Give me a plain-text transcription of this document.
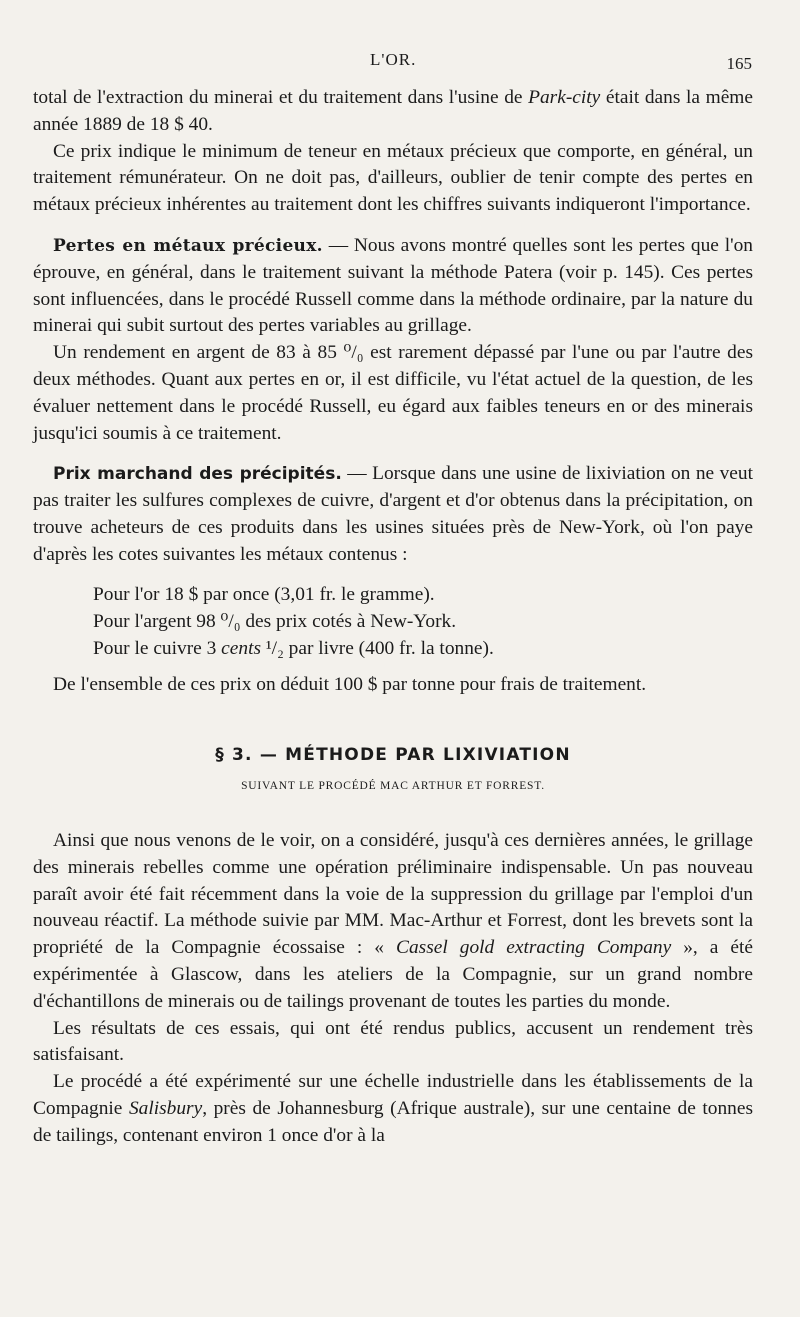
L'OR.	165

total de l'extraction du minerai et du traitement dans l'usine de Park-city était dans la même année 1889 de 18 $ 40.

Ce prix indique le minimum de teneur en métaux précieux que comporte, en général, un traitement rémunérateur. On ne doit pas, d'ailleurs, oublier de tenir compte des pertes en métaux précieux inhérentes au traitement dont les chiffres suivants indiqueront l'importance.

Pertes en métaux précieux. — Nous avons montré quelles sont les pertes que l'on éprouve, en général, dans le traitement suivant la méthode Patera (voir p. 145). Ces pertes sont influencées, dans le procédé Russell comme dans la méthode ordinaire, par la nature du minerai qui subit surtout des pertes variables au grillage.

Un rendement en argent de 83 à 85 ⁰/₀ est rarement dépassé par l'une ou par l'autre des deux méthodes. Quant aux pertes en or, il est difficile, vu l'état actuel de la question, de les évaluer nettement dans le procédé Russell, eu égard aux faibles teneurs en or des minerais jusqu'ici soumis à ce traitement.

Prix marchand des précipités. — Lorsque dans une usine de lixiviation on ne veut pas traiter les sulfures complexes de cuivre, d'argent et d'or obtenus dans la précipitation, on trouve acheteurs de ces produits dans les usines situées près de New-York, où l'on paye d'après les cotes suivantes les métaux contenus :

Pour l'or 18 $ par once (3,01 fr. le gramme).
Pour l'argent 98 ⁰/₀ des prix cotés à New-York.
Pour le cuivre 3 cents ¹/₂ par livre (400 fr. la tonne).

De l'ensemble de ces prix on déduit 100 $ par tonne pour frais de traitement.

§ 3. — MÉTHODE PAR LIXIVIATION
SUIVANT LE PROCÉDÉ MAC ARTHUR ET FORREST.

Ainsi que nous venons de le voir, on a considéré, jusqu'à ces dernières années, le grillage des minerais rebelles comme une opération préliminaire indispensable. Un pas nouveau paraît avoir été fait récemment dans la voie de la suppression du grillage par l'emploi d'un nouveau réactif. La méthode suivie par MM. Mac-Arthur et Forrest, dont les brevets sont la propriété de la Compagnie écossaise : « Cassel gold extracting Company », a été expérimentée à Glascow, dans les ateliers de la Compagnie, sur un grand nombre d'échantillons de minerais ou de tailings provenant de toutes les parties du monde.

Les résultats de ces essais, qui ont été rendus publics, accusent un rendement très satisfaisant.

Le procédé a été expérimenté sur une échelle industrielle dans les établissements de la Compagnie Salisbury, près de Johannesburg (Afrique australe), sur une centaine de tonnes de tailings, contenant environ 1 once d'or à la
